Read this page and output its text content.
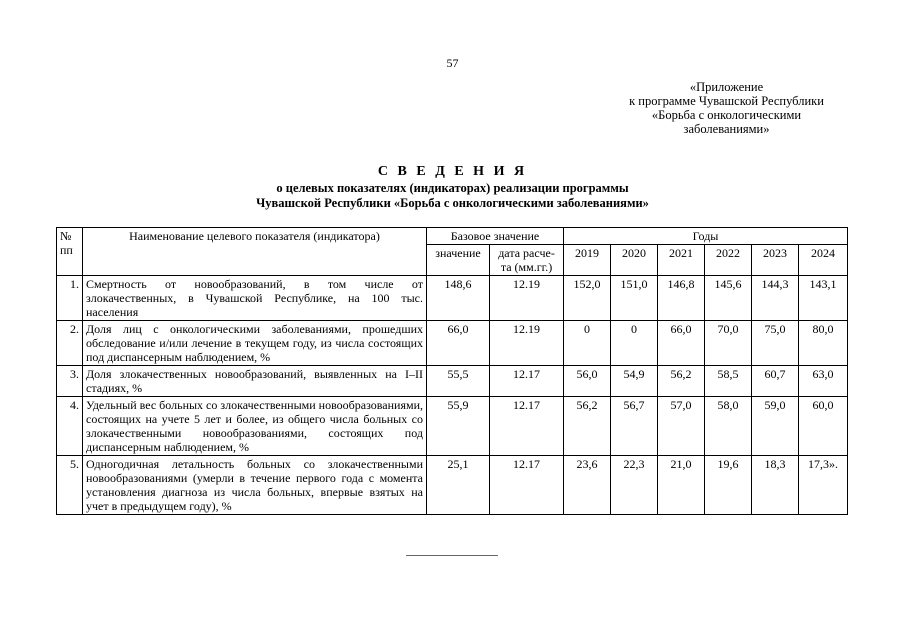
57
«Приложение
к программе Чувашской Республики
«Борьба с онкологическими
заболеваниями»
С В Е Д Е Н И Я
о целевых показателях (индикаторах) реализации программы
Чувашской Республики «Борьба с онкологическими заболеваниями»
№
пп	Наименование целевого показателя (индикатора)	Базовое значение		Годы					
		значение	дата расче-та (мм.гг.)	2019	2020	2021	2022	2023	2024
1.	Смертность от новообразований, в том числе от злокачественных, в Чувашской Республике, на 100 тыс. населения	148,6	12.19	152,0	151,0	146,8	145,6	144,3	143,1
2.	Доля лиц с онкологическими заболеваниями, прошедших обследование и/или лечение в текущем году, из числа состоящих под диспансерным наблюдением, %	66,0	12.19	0	0	66,0	70,0	75,0	80,0
3.	Доля злокачественных новообразований, выявленных на I–II стадиях, %	55,5	12.17	56,0	54,9	56,2	58,5	60,7	63,0
4.	Удельный вес больных со злокачественными новообразованиями, состоящих на учете 5 лет и более, из общего числа больных со злокачественными новообразованиями, состоящих под диспансерным наблюдением, %	55,9	12.17	56,2	56,7	57,0	58,0	59,0	60,0
5.	Одногодичная летальность больных со злокачественными новообразованиями (умерли в течение первого года с момента установления диагноза из числа больных, впервые взятых на учет в предыдущем году), %	25,1	12.17	23,6	22,3	21,0	19,6	18,3	17,3».
